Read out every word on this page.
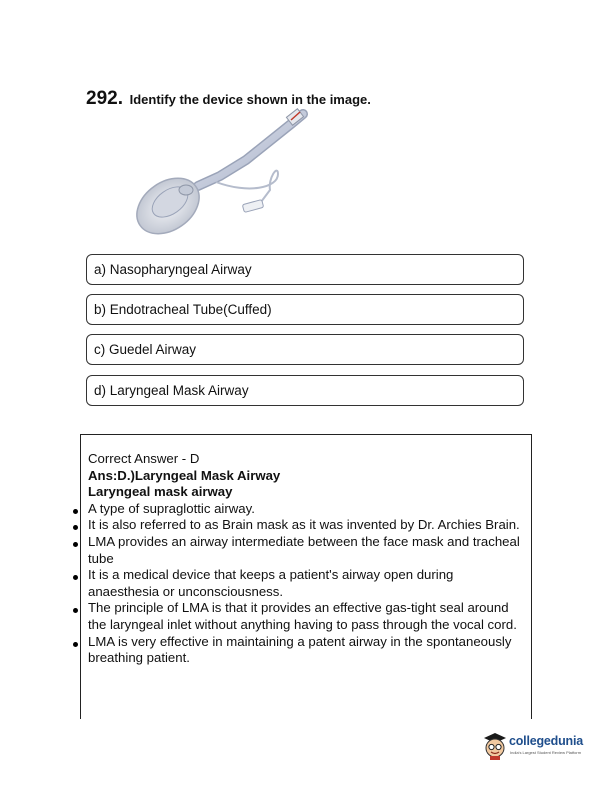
292. Identify the device shown in the image.
a) Nasopharyngeal Airway
b) Endotracheal Tube(Cuffed)
c) Guedel Airway
d) Laryngeal Mask Airway
Correct Answer - D
Ans:D.)Laryngeal Mask Airway
Laryngeal mask airway
A type of supraglottic airway.
It is also referred to as Brain mask as it was invented by Dr. Archies Brain.
LMA provides an airway intermediate between the face mask and tracheal tube
It is a medical device that keeps a patient's airway open during anaesthesia or unconsciousness.
The principle of LMA is that it provides an effective gas-tight seal around the laryngeal inlet without anything having to pass through the vocal cord.
LMA is very effective in maintaining a patent airway in the spontaneously breathing patient.
collegedunia
India's Largest Student Review Platform
